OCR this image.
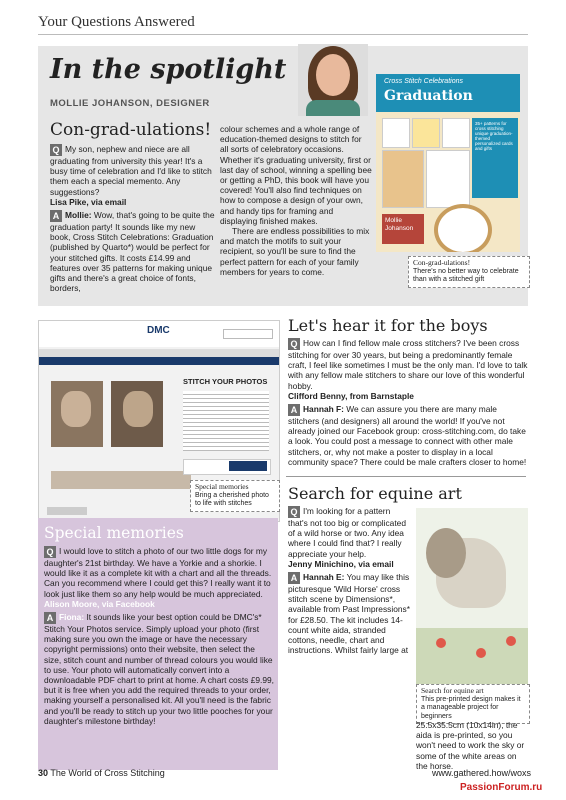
Your Questions Answered
In the spotlight
MOLLIE JOHANSON, DESIGNER
Con-grad-ulations!
Q My son, nephew and niece are all graduating from university this year! It's a busy time of celebration and I'd like to stitch them each a special memento. Any suggestions?
Lisa Pike, via email
A Mollie: Wow, that's going to be quite the graduation party! It sounds like my new book, Cross Stitch Celebrations: Graduation (published by Quarto*) would be perfect for your stitched gifts. It costs £14.99 and features over 35 patterns for making unique gifts and there's a great choice of fonts, borders,
colour schemes and a whole range of education-themed designs to stitch for all sorts of celebratory occasions. Whether it's graduating university, first or last day of school, winning a spelling bee or getting a PhD, this book will have you covered! You'll also find techniques on how to compose a design of your own, and handy tips for framing and displaying finished makes.
There are endless possibilities to mix and match the motifs to suit your recipient, so you'll be sure to find the perfect pattern for each of your family members for years to come.
Cross Stitch Celebrations
Graduation
35+ patterns for cross stitching unique graduation-themed personalized cards and gifts
Mollie Johanson
Con-grad-ulations!
There's no better way to celebrate than with a stitched gift
DMC
STITCH YOUR PHOTOS
Special memories
Bring a cherished photo to life with stitches
Special memories
Q I would love to stitch a photo of our two little dogs for my daughter's 21st birthday. We have a Yorkie and a shorkie. I would like it as a complete kit with a chart and all the threads. Can you recommend where I could get this? I really want it to look just like them so any help would be much appreciated.
Alison Moore, via Facebook
A Fiona: It sounds like your best option could be DMC's* Stitch Your Photos service. Simply upload your photo (first making sure you own the image or have the necessary copyright permissions) onto their website, then select the size, stitch count and number of thread colours you would like to use. Your photo will automatically convert into a downloadable PDF chart to print at home. A chart costs £9.99, but it is free when you add the required threads to your order, making yourself a personalised kit. All you'll need is the fabric and you'll be ready to stitch up your two little pooches for your daughter's milestone birthday!
Let's hear it for the boys
Q How can I find fellow male cross stitchers? I've been cross stitching for over 30 years, but being a predominantly female craft, I feel like sometimes I must be the only man. I'd love to talk with any fellow male stitchers to share our love of this wonderful hobby.
Clifford Benny, from Barnstaple
A Hannah F: We can assure you there are many male stitchers (and designers) all around the world! If you've not already joined our Facebook group: cross-stitching.com, do take a look. You could post a message to connect with other male stitchers, or, why not make a poster to display in a local community space? There could be male crafters closer to home!
Search for equine art
Q I'm looking for a pattern that's not too big or complicated of a wild horse or two. Any idea where I could find that? I really appreciate your help.
Jenny Minichino, via email
A Hannah E: You may like this picturesque 'Wild Horse' cross stitch scene by Dimensions*, available from Past Impressions* for £28.50. The kit includes 14-count white aida, stranded cottons, needle, chart and instructions. Whilst fairly large at
Search for equine art
This pre-printed design makes it a manageable project for beginners
25.5x35.5cm (10x14in), the aida is pre-printed, so you won't need to work the sky or some of the white areas on the horse.
30 The World of Cross Stitching	www.gathered.how/woxs
PassionForum.ru
